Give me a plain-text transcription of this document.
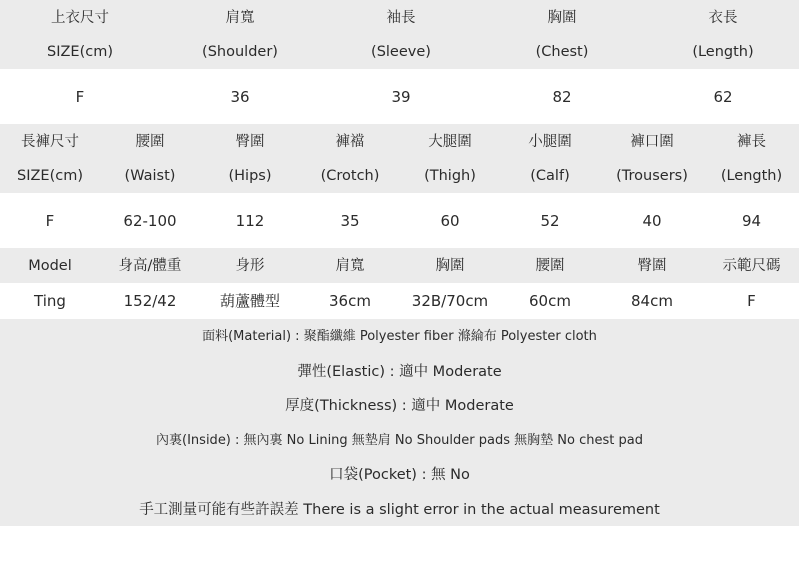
上衣尺寸	肩寬	袖長	胸圍	衣長
SIZE(cm)	(Shoulder)	(Sleeve)	(Chest)	(Length)
F	36	39	82	62
長褲尺寸	腰圍	臀圍	褲襠	大腿圍	小腿圍	褲口圍	褲長
SIZE(cm)	(Waist)	(Hips)	(Crotch)	(Thigh)	(Calf)	(Trousers)	(Length)
F	62-100	112	35	60	52	40	94
Model	身高/體重	身形	肩寬	胸圍	腰圍	臀圍	示範尺碼
Ting	152/42	葫蘆體型	36cm	32B/70cm	60cm	84cm	F
面料(Material) : 聚酯纖維 Polyester fiber 滌綸布 Polyester cloth
彈性(Elastic) : 適中 Moderate
厚度(Thickness) : 適中 Moderate
內裏(Inside) : 無內裏 No Lining 無墊肩 No Shoulder pads 無胸墊 No chest pad
口袋(Pocket) : 無 No
手工測量可能有些許誤差 There is a slight error in the actual measurement
